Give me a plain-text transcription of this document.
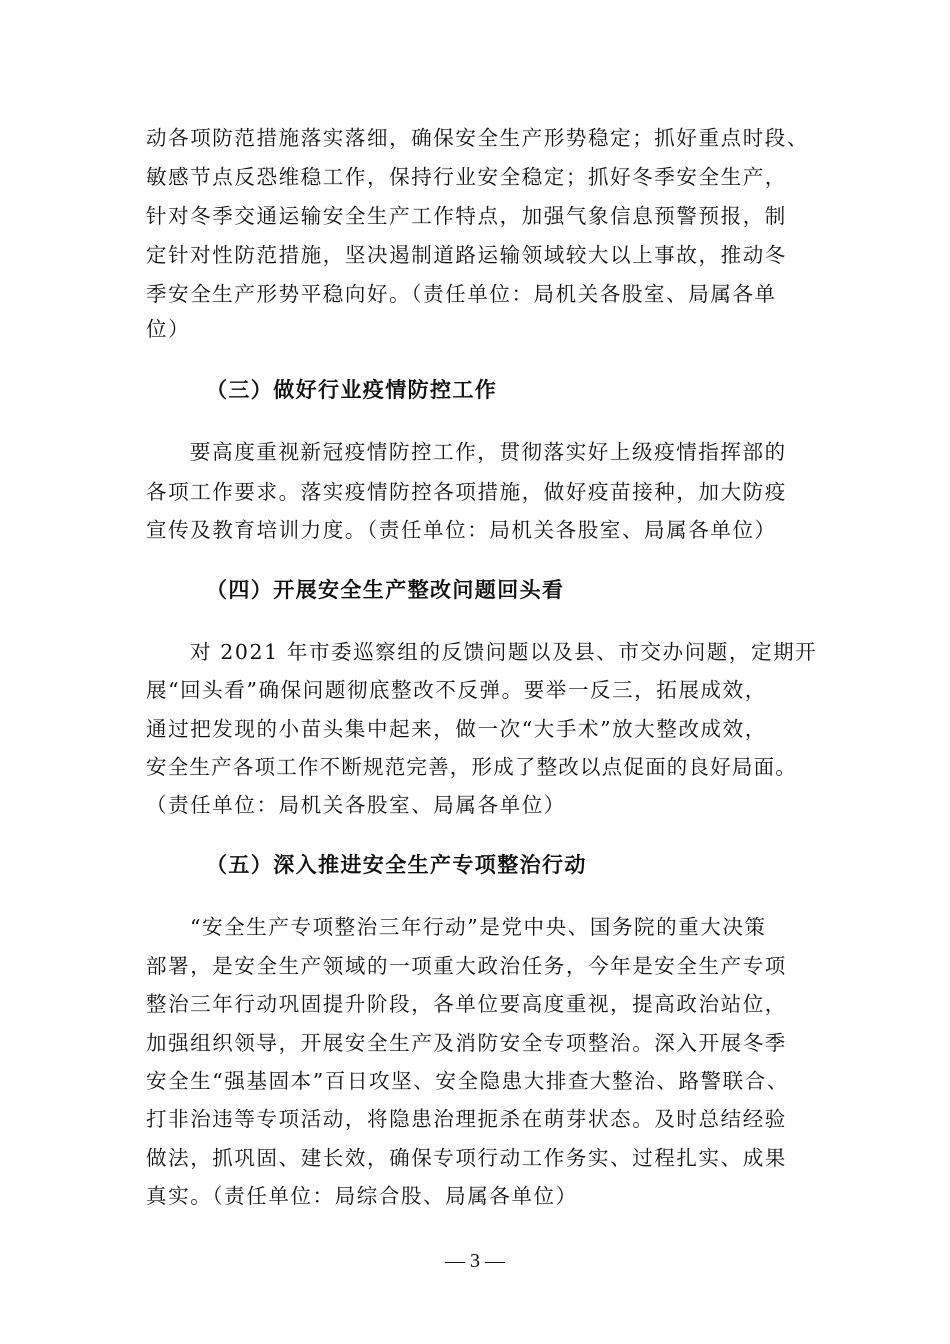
动各项防范措施落实落细，确保安全生产形势稳定；抓好重点时段、

敏感节点反恐维稳工作，保持行业安全稳定；抓好冬季安全生产，

针对冬季交通运输安全生产工作特点，加强气象信息预警预报，制

定针对性防范措施，坚决遏制道路运输领域较大以上事故，推动冬

季安全生产形势平稳向好。（责任单位：局机关各股室、局属各单

位）

（三）做好行业疫情防控工作

要高度重视新冠疫情防控工作，贯彻落实好上级疫情指挥部的

各项工作要求。落实疫情防控各项措施，做好疫苗接种，加大防疫

宣传及教育培训力度。（责任单位：局机关各股室、局属各单位）

（四）开展安全生产整改问题回头看

对 2021 年市委巡察组的反馈问题以及县、市交办问题，定期开

展“回头看”确保问题彻底整改不反弹。要举一反三，拓展成效，

通过把发现的小苗头集中起来，做一次“大手术”放大整改成效，

安全生产各项工作不断规范完善，形成了整改以点促面的良好局面。

（责任单位：局机关各股室、局属各单位）

（五）深入推进安全生产专项整治行动

“安全生产专项整治三年行动”是党中央、国务院的重大决策

部署，是安全生产领域的一项重大政治任务，今年是安全生产专项

整治三年行动巩固提升阶段，各单位要高度重视，提高政治站位，

加强组织领导，开展安全生产及消防安全专项整治。深入开展冬季

安全生“强基固本”百日攻坚、安全隐患大排查大整治、路警联合、

打非治违等专项活动，将隐患治理扼杀在萌芽状态。及时总结经验

做法，抓巩固、建长效，确保专项行动工作务实、过程扎实、成果

真实。（责任单位：局综合股、局属各单位）

— 3 —
